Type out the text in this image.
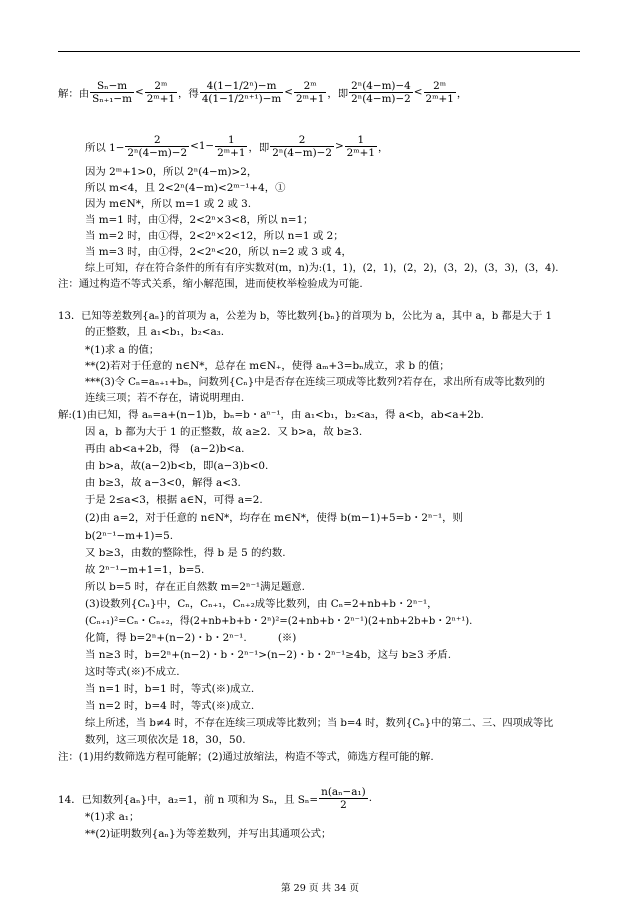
解：由 $\frac{\text{Sₙ−m}}{\text{Sₙ₊₁−m}} < \frac{\text{2ᵐ}}{\text{2ᵐ+1}}$ ，得 $\frac{\text{4(1−1/2ⁿ)−m}}{\text{4(1−1/2ⁿ⁺¹)−m}} < \frac{\text{2ᵐ}}{\text{2ᵐ+1}}$ ，即 $\frac{\text{2ⁿ(4−m)−4}}{\text{2ⁿ(4−m)−2}} < \frac{\text{2ᵐ}}{\text{2ᵐ+1}}$ ，
所以 $1- \frac{2}{\text{2ⁿ(4−m)−2}} <1- \frac{1}{\text{2ᵐ+1}}$ ，即 $\frac{2}{\text{2ⁿ(4−m)−2}} > \frac{1}{\text{2ᵐ+1}}$ ，
因为 2ᵐ+1>0，所以 2ⁿ(4−m)>2，
所以 m<4，且 2<2ⁿ(4−m)<2ᵐ⁻¹+4，①
因为 m∈N*，所以 m=1 或 2 或 3.
当 m=1 时，由①得，2<2ⁿ×3<8，所以 n=1；
当 m=2 时，由①得，2<2ⁿ×2<12，所以 n=1 或 2；
当 m=3 时，由①得，2<2ⁿ<20，所以 n=2 或 3 或 4，
综上可知，存在符合条件的所有有序实数对(m，n)为:(1，1)，(2，1)，(2，2)，(3，2)，(3，3)，(3，4).
注：通过构造不等式关系，缩小解范围，进而使枚举检验成为可能.
13．已知等差数列{aₙ}的首项为 a，公差为 b，等比数列{bₙ}的首项为 b，公比为 a，其中 a，b 都是大于 1
的正整数，且 a₁<b₁，b₂<a₃.
*(1)求 a 的值；
**(2)若对于任意的 n∈N*，总存在 m∈N₊，使得 aₘ+3=bₙ成立，求 b 的值；
***(3)令 Cₙ=aₙ₊₁+bₙ，问数列{Cₙ}中是否存在连续三项成等比数列?若存在，求出所有成等比数列的
连续三项；若不存在，请说明理由.
解:(1)由已知，得 aₙ=a+(n−1)b，bₙ=b・aⁿ⁻¹，由 a₁<b₁，b₂<a₃，得 a<b，ab<a+2b.
因 a，b 都为大于 1 的正整数，故 a≥2．又 b>a，故 b≥3.
再由 ab<a+2b，得　(a−2)b<a.
由 b>a，故(a−2)b<b，即(a−3)b<0.
由 b≥3，故 a−3<0，解得 a<3.
于是 2≤a<3，根据 a∈N，可得 a=2.
(2)由 a=2，对于任意的 n∈N*，均存在 m∈N*，使得 b(m−1)+5=b・2ⁿ⁻¹，则
b(2ⁿ⁻¹−m+1)=5.
又 b≥3，由数的整除性，得 b 是 5 的约数.
故 2ⁿ⁻¹−m+1=1，b=5.
所以 b=5 时，存在正自然数 m=2ⁿ⁻¹满足题意.
(3)设数列{Cₙ}中，Cₙ，Cₙ₊₁，Cₙ₊₂成等比数列，由 Cₙ=2+nb+b・2ⁿ⁻¹，
(Cₙ₊₁)²=Cₙ・Cₙ₊₂，得(2+nb+b+b・2ⁿ)²=(2+nb+b・2ⁿ⁻¹)(2+nb+2b+b・2ⁿ⁺¹).
化简，得 b=2ⁿ+(n−2)・b・2ⁿ⁻¹.　　　(※)
当 n≥3 时，b=2ⁿ+(n−2)・b・2ⁿ⁻¹>(n−2)・b・2ⁿ⁻¹≥4b，这与 b≥3 矛盾.
这时等式(※)不成立.
当 n=1 时，b=1 时，等式(※)成立.
当 n=2 时，b=4 时，等式(※)成立.
综上所述，当 b≠4 时，不存在连续三项成等比数列；当 b=4 时，数列{Cₙ}中的第二、三、四项成等比
数列，这三项依次是 18，30，50.
注：(1)用约数筛选方程可能解；(2)通过放缩法，构造不等式，筛选方程可能的解.
14．已知数列{aₙ}中，a₂=1，前 n 项和为 Sₙ，且 $S_n= \frac{\text{n(aₙ−a₁)}}{2}$ .
*(1)求 a₁；
**(2)证明数列{aₙ}为等差数列，并写出其通项公式；
第 29 页 共 34 页
